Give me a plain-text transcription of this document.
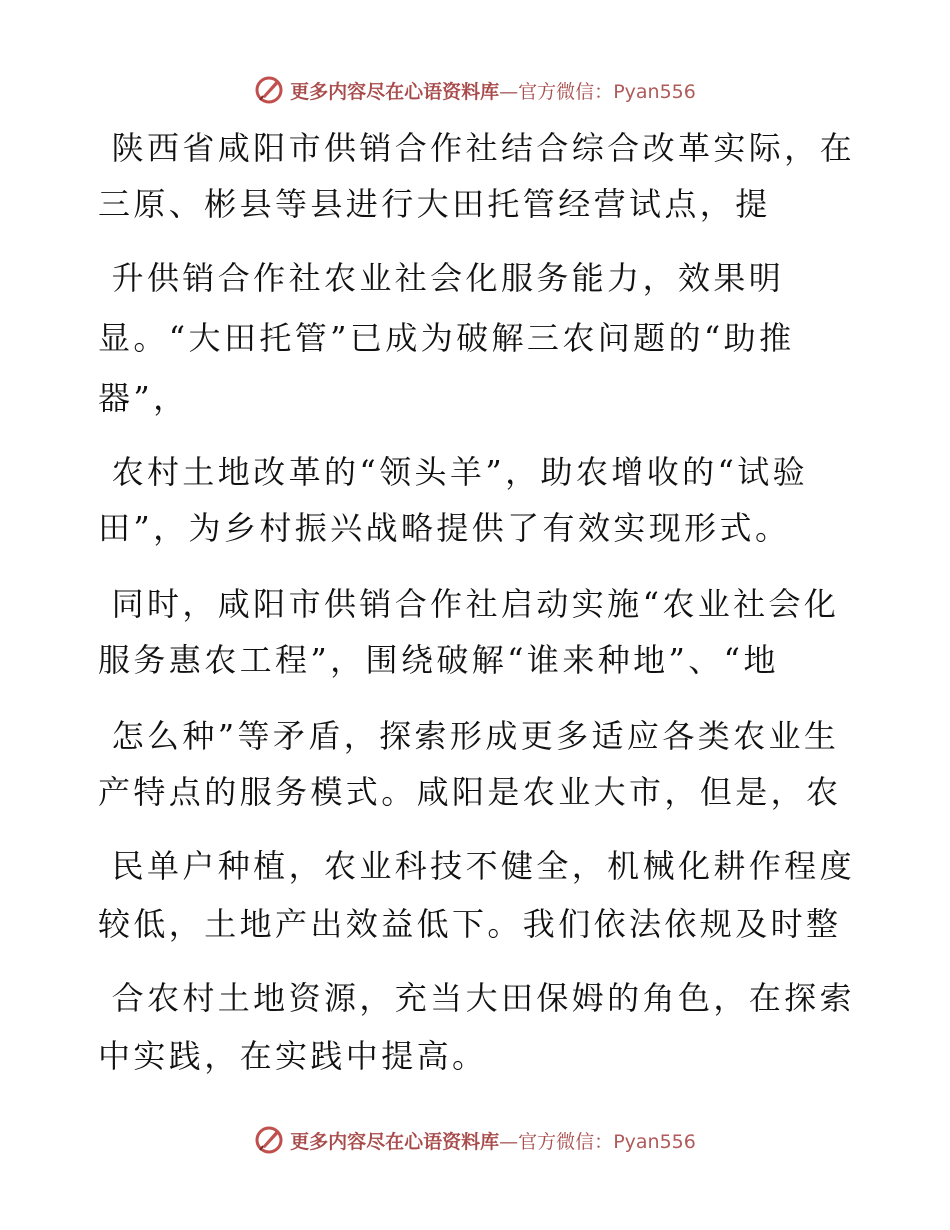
更多内容尽在心语资料库—官方微信：Pyan556
陕西省咸阳市供销合作社结合综合改革实际，在
三原、彬县等县进行大田托管经营试点，提
升供销合作社农业社会化服务能力，效果明
显。“大田托管”已成为破解三农问题的“助推
器”，
农村土地改革的“领头羊”，助农增收的“试验
田”，为乡村振兴战略提供了有效实现形式。
同时，咸阳市供销合作社启动实施“农业社会化
服务惠农工程”，围绕破解“谁来种地”、“地
怎么种”等矛盾，探索形成更多适应各类农业生
产特点的服务模式。咸阳是农业大市，但是，农
民单户种植，农业科技不健全，机械化耕作程度
较低，土地产出效益低下。我们依法依规及时整
合农村土地资源，充当大田保姆的角色，在探索
中实践，在实践中提高。
更多内容尽在心语资料库—官方微信：Pyan556
